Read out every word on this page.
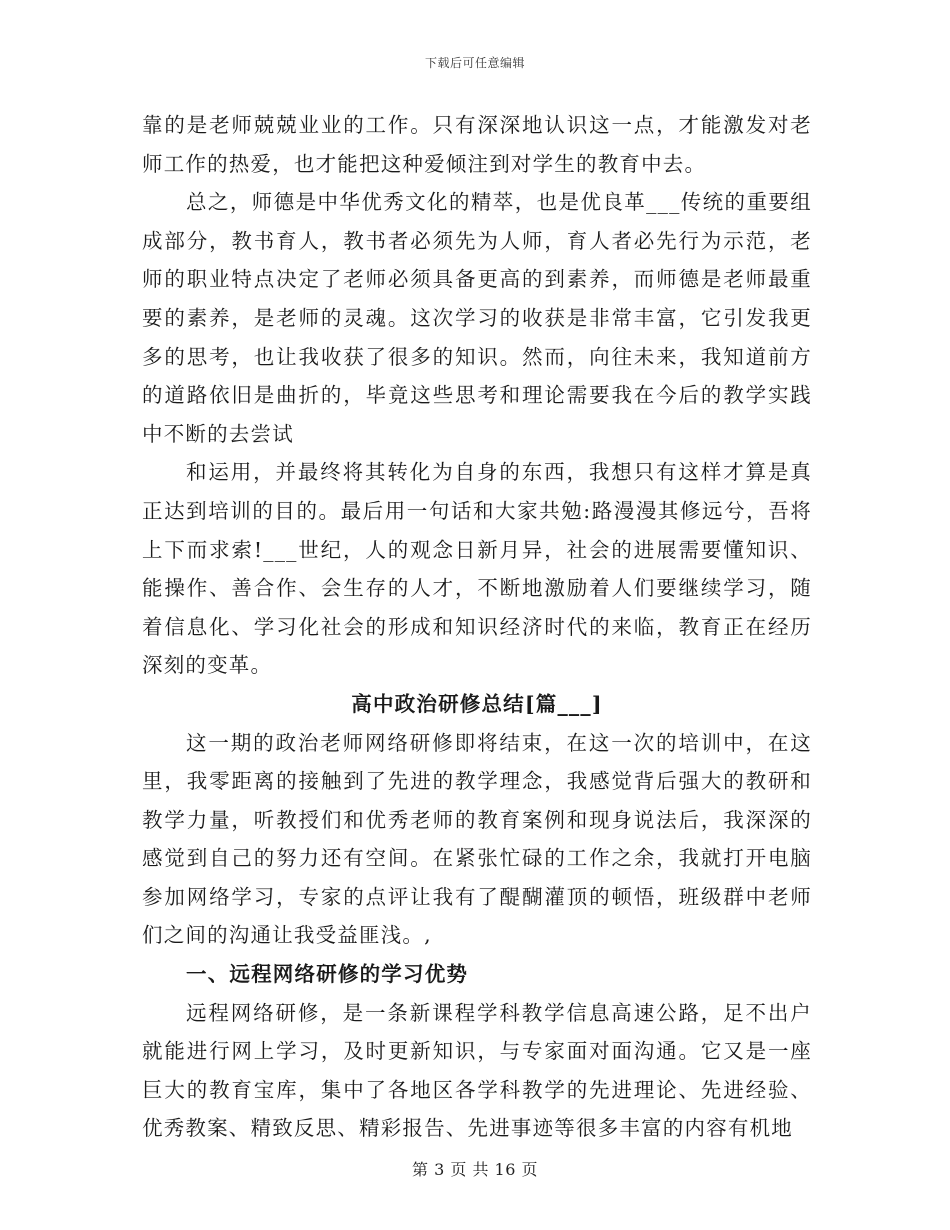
下载后可任意编辑

靠的是老师兢兢业业的工作。只有深深地认识这一点，才能激发对老师工作的热爱，也才能把这种爱倾注到对学生的教育中去。

总之，师德是中华优秀文化的精萃，也是优良革___传统的重要组成部分，教书育人，教书者必须先为人师，育人者必先行为示范，老师的职业特点决定了老师必须具备更高的到素养，而师德是老师最重要的素养，是老师的灵魂。这次学习的收获是非常丰富，它引发我更多的思考，也让我收获了很多的知识。然而，向往未来，我知道前方的道路依旧是曲折的，毕竟这些思考和理论需要我在今后的教学实践中不断的去尝试

和运用，并最终将其转化为自身的东西，我想只有这样才算是真正达到培训的目的。最后用一句话和大家共勉:路漫漫其修远兮，吾将上下而求索!___世纪，人的观念日新月异，社会的进展需要懂知识、能操作、善合作、会生存的人才，不断地激励着人们要继续学习，随着信息化、学习化社会的形成和知识经济时代的来临，教育正在经历深刻的变革。

高中政治研修总结[篇___]

这一期的政治老师网络研修即将结束，在这一次的培训中，在这里，我零距离的接触到了先进的教学理念，我感觉背后强大的教研和教学力量，听教授们和优秀老师的教育案例和现身说法后，我深深的感觉到自己的努力还有空间。在紧张忙碌的工作之余，我就打开电脑参加网络学习，专家的点评让我有了醍醐灌顶的顿悟，班级群中老师们之间的沟通让我受益匪浅。,

一、远程网络研修的学习优势

远程网络研修，是一条新课程学科教学信息高速公路，足不出户就能进行网上学习，及时更新知识，与专家面对面沟通。它又是一座巨大的教育宝库，集中了各地区各学科教学的先进理论、先进经验、优秀教案、精致反思、精彩报告、先进事迹等很多丰富的内容有机地

第 3 页 共 16 页
